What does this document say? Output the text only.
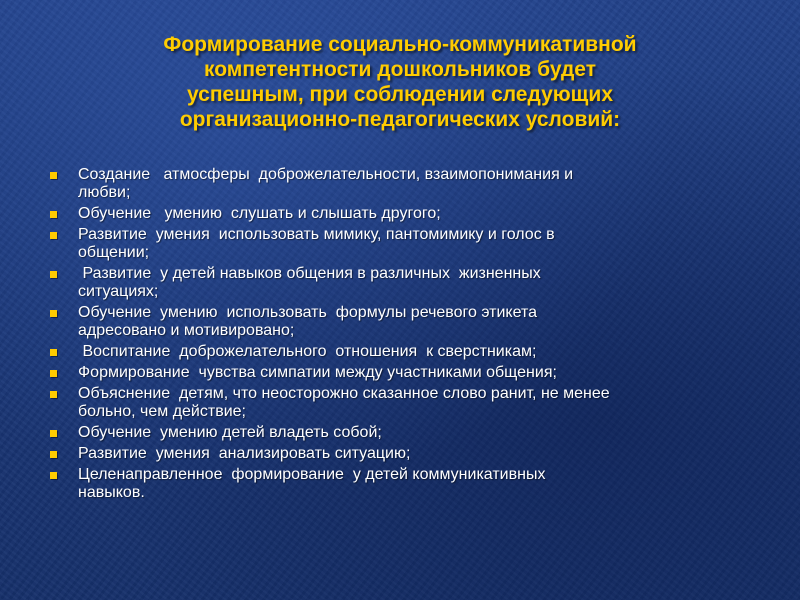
Формирование социально-коммуникативной
компетентности дошкольников будет
успешным, при соблюдении следующих
организационно-педагогических условий:
Создание   атмосферы  доброжелательности, взаимопонимания и
любви;
Обучение   умению  слушать и слышать другого;
Развитие  умения  использовать мимику, пантомимику и голос в
общении;
Развитие  у детей навыков общения в различных  жизненных
ситуациях;
Обучение  умению  использовать  формулы речевого этикета
адресовано и мотивировано;
Воспитание  доброжелательного  отношения  к сверстникам;
Формирование  чувства симпатии между участниками общения;
Объяснение  детям, что неосторожно сказанное слово ранит, не менее
больно, чем действие;
Обучение  умению детей владеть собой;
Развитие  умения  анализировать ситуацию;
Целенаправленное  формирование  у детей коммуникативных
навыков.
